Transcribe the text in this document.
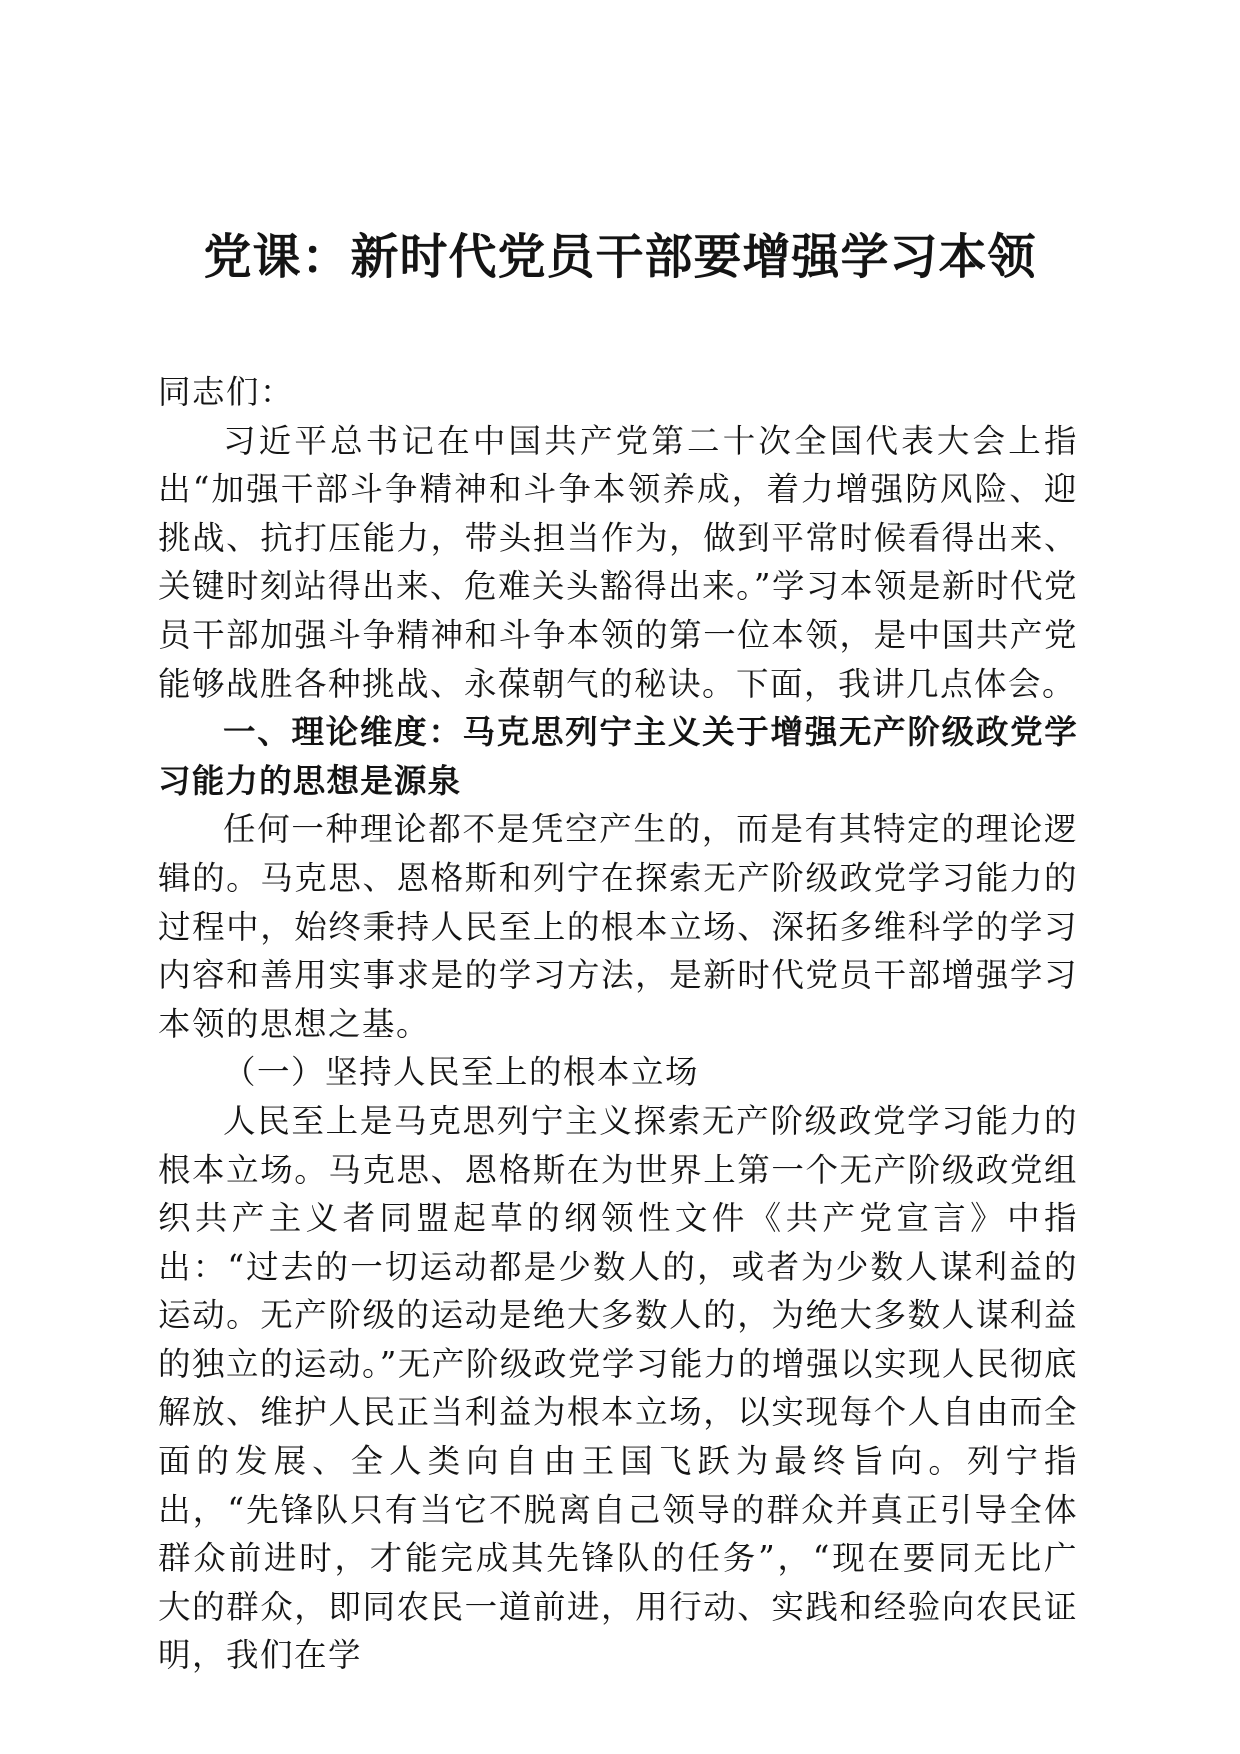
党课：新时代党员干部要增强学习本领

同志们：

习近平总书记在中国共产党第二十次全国代表大会上指出“加强干部斗争精神和斗争本领养成，着力增强防风险、迎挑战、抗打压能力，带头担当作为，做到平常时候看得出来、关键时刻站得出来、危难关头豁得出来。”学习本领是新时代党员干部加强斗争精神和斗争本领的第一位本领，是中国共产党能够战胜各种挑战、永葆朝气的秘诀。下面，我讲几点体会。

一、理论维度：马克思列宁主义关于增强无产阶级政党学习能力的思想是源泉

任何一种理论都不是凭空产生的，而是有其特定的理论逻辑的。马克思、恩格斯和列宁在探索无产阶级政党学习能力的过程中，始终秉持人民至上的根本立场、深拓多维科学的学习内容和善用实事求是的学习方法，是新时代党员干部增强学习本领的思想之基。

（一）坚持人民至上的根本立场

人民至上是马克思列宁主义探索无产阶级政党学习能力的根本立场。马克思、恩格斯在为世界上第一个无产阶级政党组织共产主义者同盟起草的纲领性文件《共产党宣言》中指出：“过去的一切运动都是少数人的，或者为少数人谋利益的运动。无产阶级的运动是绝大多数人的，为绝大多数人谋利益的独立的运动。”无产阶级政党学习能力的增强以实现人民彻底解放、维护人民正当利益为根本立场，以实现每个人自由而全面的发展、全人类向自由王国飞跃为最终旨向。列宁指出，“先锋队只有当它不脱离自己领导的群众并真正引导全体群众前进时，才能完成其先锋队的任务”，“现在要同无比广大的群众，即同农民一道前进，用行动、实践和经验向农民证明，我们在学
